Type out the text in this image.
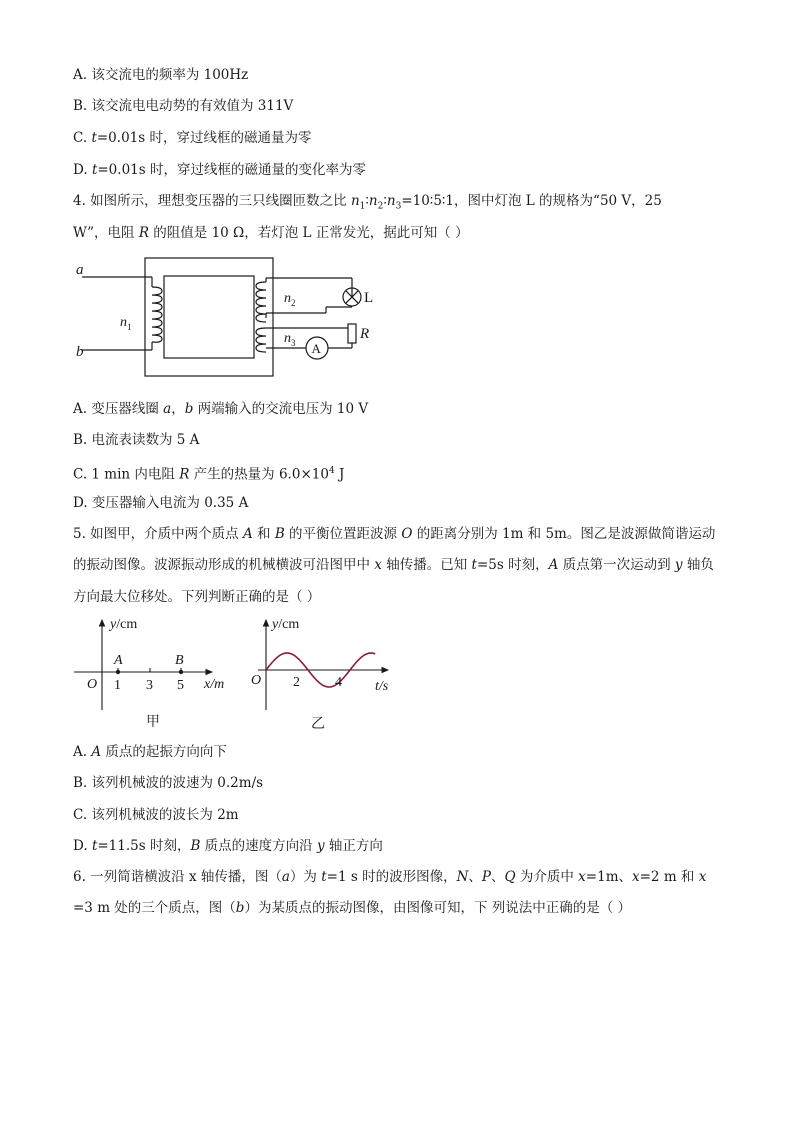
A. 该交流电的频率为 100Hz
B. 该交流电电动势的有效值为 311V
C. t=0.01s 时，穿过线框的磁通量为零
D. t=0.01s 时，穿过线框的磁通量的变化率为零
4. 如图所示，理想变压器的三只线圈匝数之比 $n_1∶n_2∶n_3=10∶5∶1$，图中灯泡 L 的规格为“50 V，25
W”，电阻 R 的阻值是 10 Ω，若灯泡 L 正常发光，据此可知（ ）
a
b
$n_1$
$n_2$
$n_3$
L
R
A
A. 变压器线圈 a，b 两端输入的交流电压为 10 V
B. 电流表读数为 5 A
C. 1 min 内电阻 R 产生的热量为 $6.0\times 10^4$ J
D. 变压器输入电流为 0.35 A
5. 如图甲，介质中两个质点 A 和 B 的平衡位置距波源 O 的距离分别为 1m 和 5m。图乙是波源做简谐运动
的振动图像。波源振动形成的机械横波可沿图甲中 x 轴传播。已知 t=5s 时刻，A 质点第一次运动到 y 轴负
方向最大位移处。下列判断正确的是（ ）
y/cm
y/cm
A	B
O 1 3 5 x/m
甲
y/cm
y/cm
O 2	4 t/s
乙
A. A 质点的起振方向向下
B. 该列机械波的波速为 0.2m/s
C. 该列机械波的波长为 2m
D. t=11.5s 时刻，B 质点的速度方向沿 y 轴正方向
6. 一列简谐横波沿 x 轴传播，图（a）为 t=1 s 时的波形图像，N、P、Q 为介质中 x=1m、x=2 m 和 x
=3 m 处的三个质点，图（b）为某质点的振动图像，由图像可知，下 列说法中正确的是（ ）
